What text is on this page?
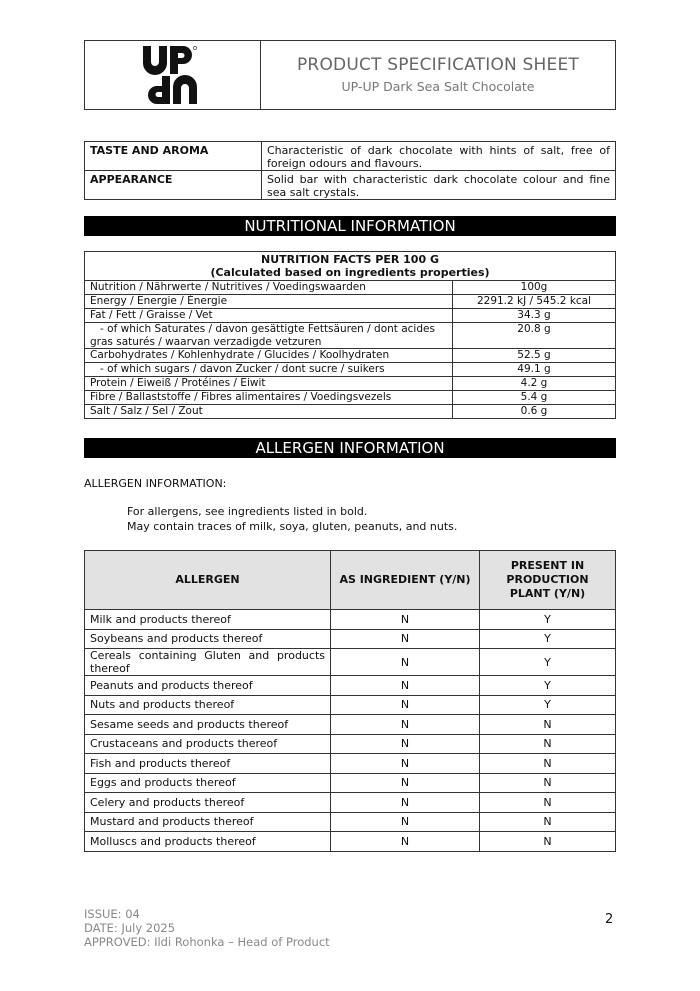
PRODUCT SPECIFICATION SHEET
UP-UP Dark Sea Salt Chocolate
TASTE AND AROMA	Characteristic of dark chocolate with hints of salt, free of foreign odours and flavours.
APPEARANCE	Solid bar with characteristic dark chocolate colour and fine sea salt crystals.
NUTRITIONAL INFORMATION
NUTRITION FACTS PER 100 G
(Calculated based on ingredients properties)	

Nutrition / Nährwerte / Nutritives / Voedingswaarden	100g
Energy / Energie / Énergie	2291.2 kJ / 545.2 kcal
Fat / Fett / Graisse / Vet	34.3 g
- of which Saturates / davon gesättigte Fettsäuren / dont acides gras saturés / waarvan verzadigde vetzuren	20.8 g
Carbohydrates / Kohlenhydrate / Glucides / Koolhydraten	52.5 g
- of which sugars / davon Zucker / dont sucre / suikers	49.1 g
Protein / Eiweiß / Protéines / Eiwit	4.2 g
Fibre / Ballaststoffe / Fibres alimentaires / Voedingsvezels	5.4 g
Salt / Salz / Sel / Zout	0.6 g
ALLERGEN INFORMATION
ALLERGEN INFORMATION:
For allergens, see ingredients listed in bold.
May contain traces of milk, soya, gluten, peanuts, and nuts.
ALLERGEN	AS INGREDIENT (Y/N)	PRESENT IN PRODUCTION PLANT (Y/N)
Milk and products thereof	N	Y
Soybeans and products thereof	N	Y
Cereals containing Gluten and products thereof	N	Y
Peanuts and products thereof	N	Y
Nuts and products thereof	N	Y
Sesame seeds and products thereof	N	N
Crustaceans and products thereof	N	N
Fish and products thereof	N	N
Eggs and products thereof	N	N
Celery and products thereof	N	N
Mustard and products thereof	N	N
Molluscs and products thereof	N	N
ISSUE: 04
DATE: July 2025
APPROVED: Ildi Rohonka – Head of Product
2
